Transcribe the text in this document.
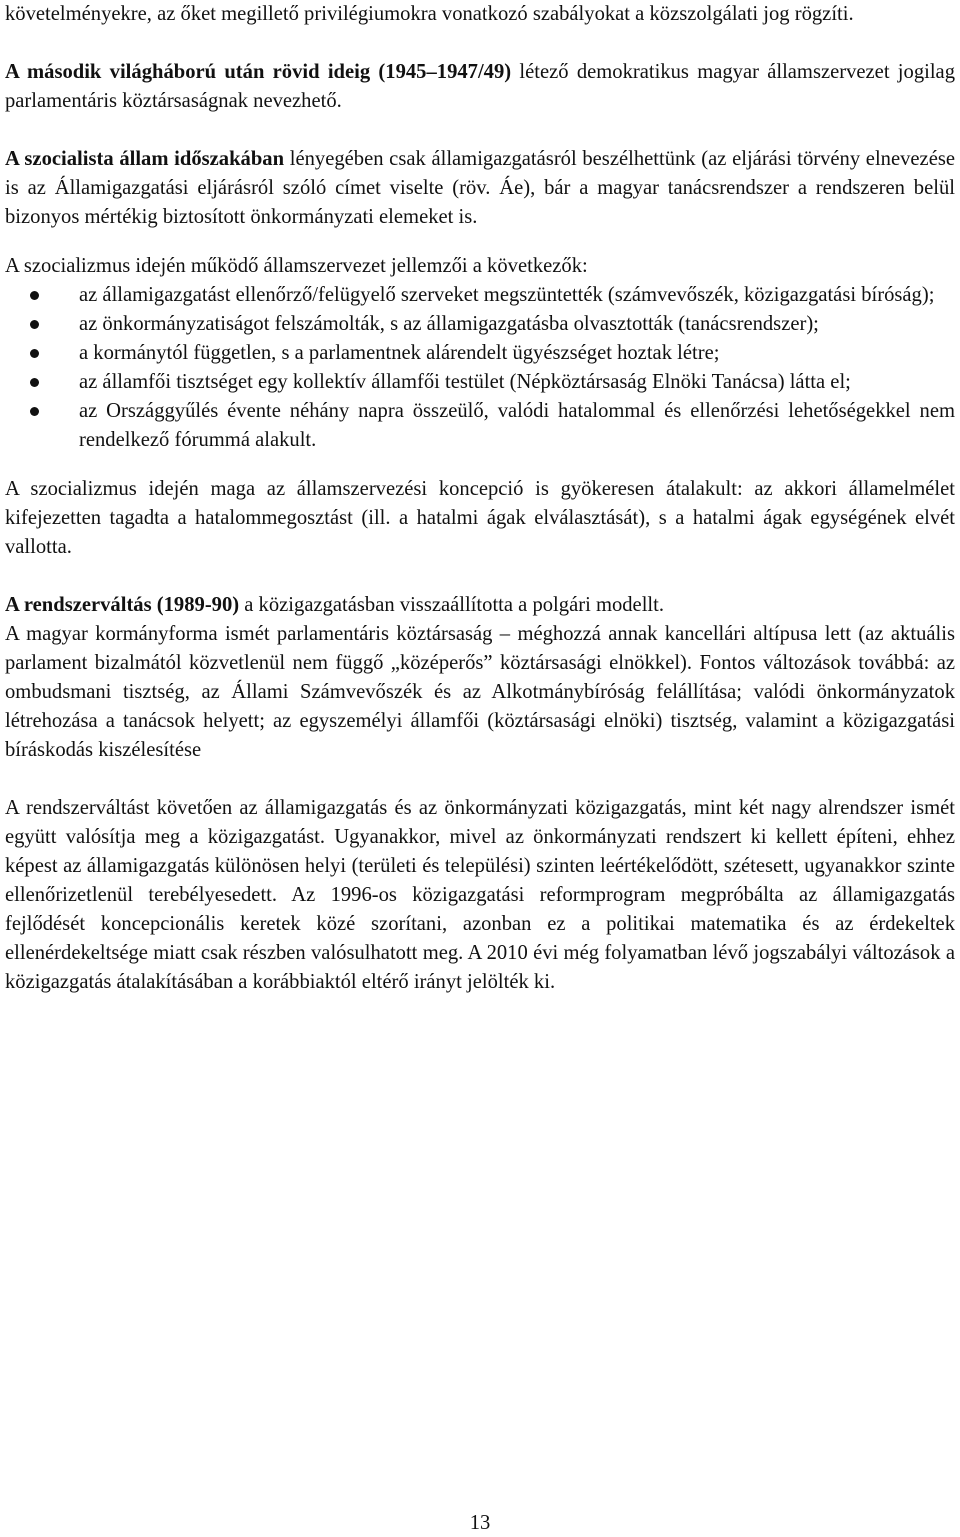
követelményekre, az őket megillető privilégiumokra vonatkozó szabályokat a közszolgálati jog rögzíti.

A második világháború után rövid ideig (1945–1947/49) létező demokratikus magyar államszervezet jogilag parlamentáris köztársaságnak nevezhető.

A szocialista állam időszakában lényegében csak államigazgatásról beszélhettünk (az eljárási törvény elnevezése is az Államigazgatási eljárásról szóló címet viselte (röv. Áe), bár a magyar tanácsrendszer a rendszeren belül bizonyos mértékig biztosított önkormányzati elemeket is.

A szocializmus idején működő államszervezet jellemzői a következők:

az államigazgatást ellenőrző/felügyelő szerveket megszüntették (számvevőszék, közigazgatási bíróság);
az önkormányzatiságot felszámolták, s az államigazgatásba olvasztották (tanácsrendszer);
a kormánytól független, s a parlamentnek alárendelt ügyészséget hoztak létre;
az államfői tisztséget egy kollektív államfői testület (Népköztársaság Elnöki Tanácsa) látta el;
az Országgyűlés évente néhány napra összeülő, valódi hatalommal és ellenőrzési lehetőségekkel nem rendelkező fórummá alakult.

A szocializmus idején maga az államszervezési koncepció is gyökeresen átalakult: az akkori államelmélet kifejezetten tagadta a hatalommegosztást (ill. a hatalmi ágak elválasztását), s a hatalmi ágak egységének elvét vallotta.

A rendszerváltás (1989-90) a közigazgatásban visszaállította a polgári modellt.

A magyar kormányforma ismét parlamentáris köztársaság – méghozzá annak kancellári altípusa lett (az aktuális parlament bizalmától közvetlenül nem függő „középerős” köztársasági elnökkel). Fontos változások továbbá: az ombudsmani tisztség, az Állami Számvevőszék és az Alkotmánybíróság felállítása; valódi önkormányzatok létrehozása a tanácsok helyett; az egyszemélyi államfői (köztársasági elnöki) tisztség, valamint a közigazgatási bíráskodás kiszélesítése

A rendszerváltást követően az államigazgatás és az önkormányzati közigazgatás, mint két nagy alrendszer ismét együtt valósítja meg a közigazgatást. Ugyanakkor, mivel az önkormányzati rendszert ki kellett építeni, ehhez képest az államigazgatás különösen helyi (területi és települési) szinten leértékelődött, szétesett, ugyanakkor szinte ellenőrizetlenül terebélyesedett. Az 1996-os közigazgatási reformprogram megpróbálta az államigazgatás fejlődését koncepcionális keretek közé szorítani, azonban ez a politikai matematika és az érdekeltek ellenérdekeltsége miatt csak részben valósulhatott meg. A 2010 évi még folyamatban lévő jogszabályi változások a közigazgatás átalakításában a korábbiaktól eltérő irányt jelölték ki.

13
